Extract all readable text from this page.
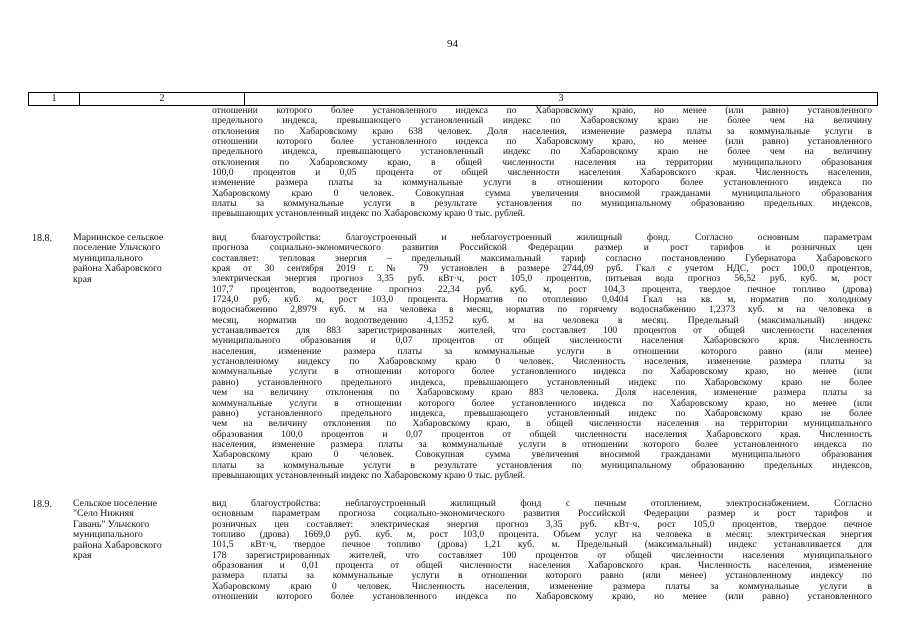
94
1	2	3
отношении которого более установленного индекса по Хабаровскому краю, но менее (или равно) установленного
предельного индекса, превышающего установленный индекс по Хабаровскому краю не более чем на величину
отклонения по Хабаровскому краю 638 человек. Доля населения, изменение размера платы за коммунальные услуги в
отношении которого более установленного индекса по Хабаровскому краю, но менее (или равно) установленного
предельного индекса, превышающего установленный индекс по Хабаровскому краю не более чем на величину
отклонения по Хабаровскому краю, в общей численности населения на территории муниципального образования
100,0 процентов и 0,05 процента от общей численности населения Хабаровского края. Численность населения,
изменение размера платы за коммунальные услуги в отношении которого более установленного индекса по
Хабаровскому краю 0 человек. Совокупная сумма увеличения вносимой гражданами муниципального образования
платы за коммунальные услуги в результате установления по муниципальному образованию предельных индексов,
превышающих установленный индекс по Хабаровскому краю 0 тыс. рублей.
18.8. Мариинское сельское
поселение Ульчского
муниципального
района Хабаровского
края
вид благоустройства: благоустроенный и неблагоустроенный жилищный фонд. Согласно основным параметрам
прогноза социально-экономического развития Российской Федерации размер и рост тарифов и розничных цен
составляет: тепловая энергия – предельный максимальный тариф согласно постановлению Губернатора Хабаровского
края от 30 сентября 2019 г. № 79 установлен в размере 2744,09 руб. Гкал с учетом НДС, рост 100,0 процентов,
электрическая энергия прогноз 3,35 руб. кВт·ч, рост 105,0 процентов, питьевая вода прогноз 56,52 руб. куб. м, рост
107,7 процентов, водоотведение прогноз 22,34 руб. куб. м, рост 104,3 процента, твердое печное топливо (дрова)
1724,0 руб. куб. м, рост 103,0 процента. Норматив по отоплению 0,0404 Гкал на кв. м, норматив по холодному
водоснабжению 2,8979 куб. м на человека в месяц, норматив по горячему водоснабжению 1,2373 куб. м на человека в
месяц, норматив по водоотведению 4,1352 куб. м на человека в месяц. Предельный (максимальный) индекс
устанавливается для 883 зарегистрированных жителей, что составляет 100 процентов от общей численности населения
муниципального образования и 0,07 процентов от общей численности населения Хабаровского края. Численность
населения, изменение размера платы за коммунальные услуги в отношении которого равно (или менее)
установленному индексу по Хабаровскому краю 0 человек. Численность населения, изменение размера платы за
коммунальные услуги в отношении которого более установленного индекса по Хабаровскому краю, но менее (или
равно) установленного предельного индекса, превышающего установленный индекс по Хабаровскому краю не более
чем на величину отклонения по Хабаровскому краю 883 человека. Доля населения, изменение размера платы за
коммунальные услуги в отношении которого более установленного индекса по Хабаровскому краю, но менее (или
равно) установленного предельного индекса, превышающего установленный индекс по Хабаровскому краю не более
чем на величину отклонения по Хабаровскому краю, в общей численности населения на территории муниципального
образования 100,0 процентов и 0,07 процентов от общей численности населения Хабаровского края. Численность
населения, изменение размера платы за коммунальные услуги в отношении которого более установленного индекса по
Хабаровскому краю 0 человек. Совокупная сумма увеличения вносимой гражданами муниципального образования
платы за коммунальные услуги в результате установления по муниципальному образованию предельных индексов,
превышающих установленный индекс по Хабаровскому краю 0 тыс. рублей.
18.9. Сельское поселение
"Село Нижняя
Гавань" Ульчского
муниципального
района Хабаровского
края
вид благоустройства: неблагоустроенный жилищный фонд с печным отоплением, электроснабжением. Согласно
основным параметрам прогноза социально-экономического развития Российской Федерации размер и рост тарифов и
розничных цен составляет: электрическая энергия прогноз 3,35 руб. кВт·ч, рост 105,0 процентов, твердое печное
топливо (дрова) 1669,0 руб. куб. м, рост 103,0 процента. Объем услуг на человека в месяц: электрическая энергия
101,5 кВт·ч, твердое печное топливо (дрова) 1,21 куб. м. Предельный (максимальный) индекс устанавливается для
178 зарегистрированных жителей, что составляет 100 процентов от общей численности населения муниципального
образования и 0,01 процента от общей численности населения Хабаровского края. Численность населения, изменение
размера платы за коммунальные услуги в отношении которого равно (или менее) установленному индексу по
Хабаровскому краю 0 человек. Численность населения, изменение размера платы за коммунальные услуги в
отношении которого более установленного индекса по Хабаровскому краю, но менее (или равно) установленного
